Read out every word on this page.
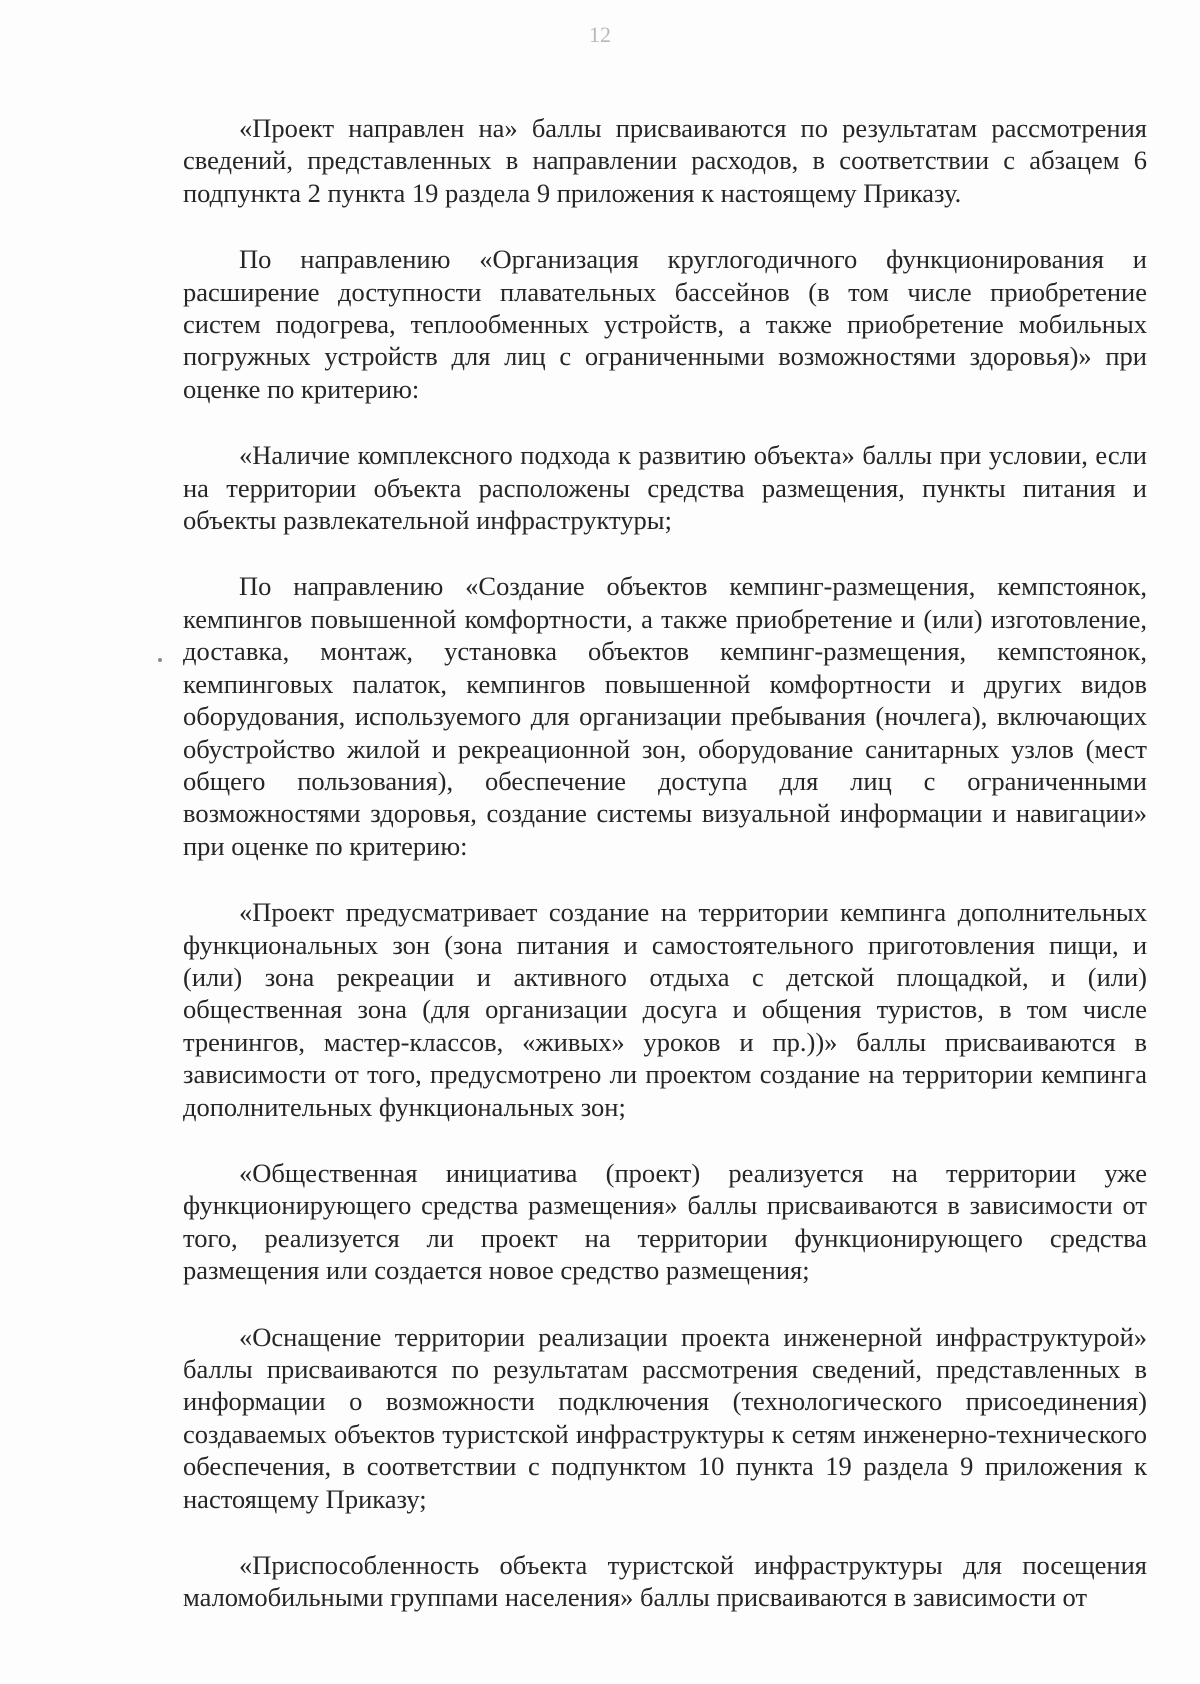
12

«Проект направлен на» баллы присваиваются по результатам рассмотрения сведений, представленных в направлении расходов, в соответствии с абзацем 6 подпункта 2 пункта 19 раздела 9 приложения к настоящему Приказу.

По направлению «Организация круглогодичного функционирования и расширение доступности плавательных бассейнов (в том числе приобретение систем подогрева, теплообменных устройств, а также приобретение мобильных погружных устройств для лиц с ограниченными возможностями здоровья)» при оценке по критерию:

«Наличие комплексного подхода к развитию объекта» баллы при условии, если на территории объекта расположены средства размещения, пункты питания и объекты развлекательной инфраструктуры;

По направлению «Создание объектов кемпинг-размещения, кемпстоянок, кемпингов повышенной комфортности, а также приобретение и (или) изготовление, доставка, монтаж, установка объектов кемпинг-размещения, кемпстоянок, кемпинговых палаток, кемпингов повышенной комфортности и других видов оборудования, используемого для организации пребывания (ночлега), включающих обустройство жилой и рекреационной зон, оборудование санитарных узлов (мест общего пользования), обеспечение доступа для лиц с ограниченными возможностями здоровья, создание системы визуальной информации и навигации» при оценке по критерию:

«Проект предусматривает создание на территории кемпинга дополнительных функциональных зон (зона питания и самостоятельного приготовления пищи, и (или) зона рекреации и активного отдыха с детской площадкой, и (или) общественная зона (для организации досуга и общения туристов, в том числе тренингов, мастер-классов, «живых» уроков и пр.))» баллы присваиваются в зависимости от того, предусмотрено ли проектом создание на территории кемпинга дополнительных функциональных зон;

«Общественная инициатива (проект) реализуется на территории уже функционирующего средства размещения» баллы присваиваются в зависимости от того, реализуется ли проект на территории функционирующего средства размещения или создается новое средство размещения;

«Оснащение территории реализации проекта инженерной инфраструктурой» баллы присваиваются по результатам рассмотрения сведений, представленных в информации о возможности подключения (технологического присоединения) создаваемых объектов туристской инфраструктуры к сетям инженерно-технического обеспечения, в соответствии с подпунктом 10 пункта 19 раздела 9 приложения к настоящему Приказу;

«Приспособленность объекта туристской инфраструктуры для посещения маломобильными группами населения» баллы присваиваются в зависимости от
